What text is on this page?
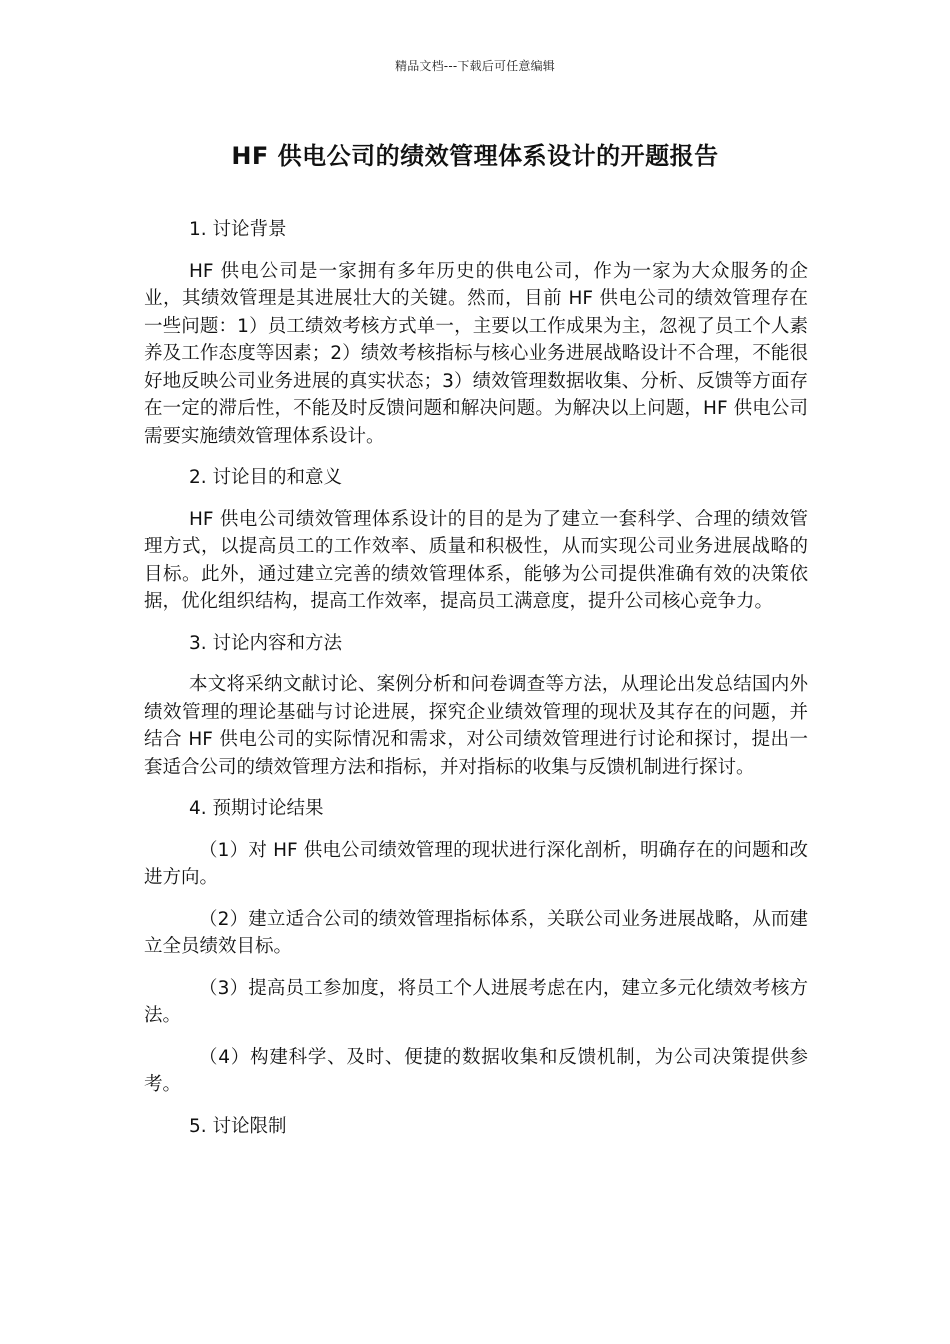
精品文档---下载后可任意编辑
HF 供电公司的绩效管理体系设计的开题报告
1. 讨论背景
HF 供电公司是一家拥有多年历史的供电公司，作为一家为大众服务的企业，其绩效管理是其进展壮大的关键。然而，目前 HF 供电公司的绩效管理存在一些问题：1）员工绩效考核方式单一，主要以工作成果为主，忽视了员工个人素养及工作态度等因素；2）绩效考核指标与核心业务进展战略设计不合理，不能很好地反映公司业务进展的真实状态；3）绩效管理数据收集、分析、反馈等方面存在一定的滞后性，不能及时反馈问题和解决问题。为解决以上问题，HF 供电公司需要实施绩效管理体系设计。
2. 讨论目的和意义
HF 供电公司绩效管理体系设计的目的是为了建立一套科学、合理的绩效管理方式，以提高员工的工作效率、质量和积极性，从而实现公司业务进展战略的目标。此外，通过建立完善的绩效管理体系，能够为公司提供准确有效的决策依据，优化组织结构，提高工作效率，提高员工满意度，提升公司核心竞争力。
3. 讨论内容和方法
本文将采纳文献讨论、案例分析和问卷调查等方法，从理论出发总结国内外绩效管理的理论基础与讨论进展，探究企业绩效管理的现状及其存在的问题，并结合 HF 供电公司的实际情况和需求，对公司绩效管理进行讨论和探讨，提出一套适合公司的绩效管理方法和指标，并对指标的收集与反馈机制进行探讨。
4. 预期讨论结果
（1）对 HF 供电公司绩效管理的现状进行深化剖析，明确存在的问题和改进方向。
（2）建立适合公司的绩效管理指标体系，关联公司业务进展战略，从而建立全员绩效目标。
（3）提高员工参加度，将员工个人进展考虑在内，建立多元化绩效考核方法。
（4）构建科学、及时、便捷的数据收集和反馈机制，为公司决策提供参考。
5. 讨论限制
